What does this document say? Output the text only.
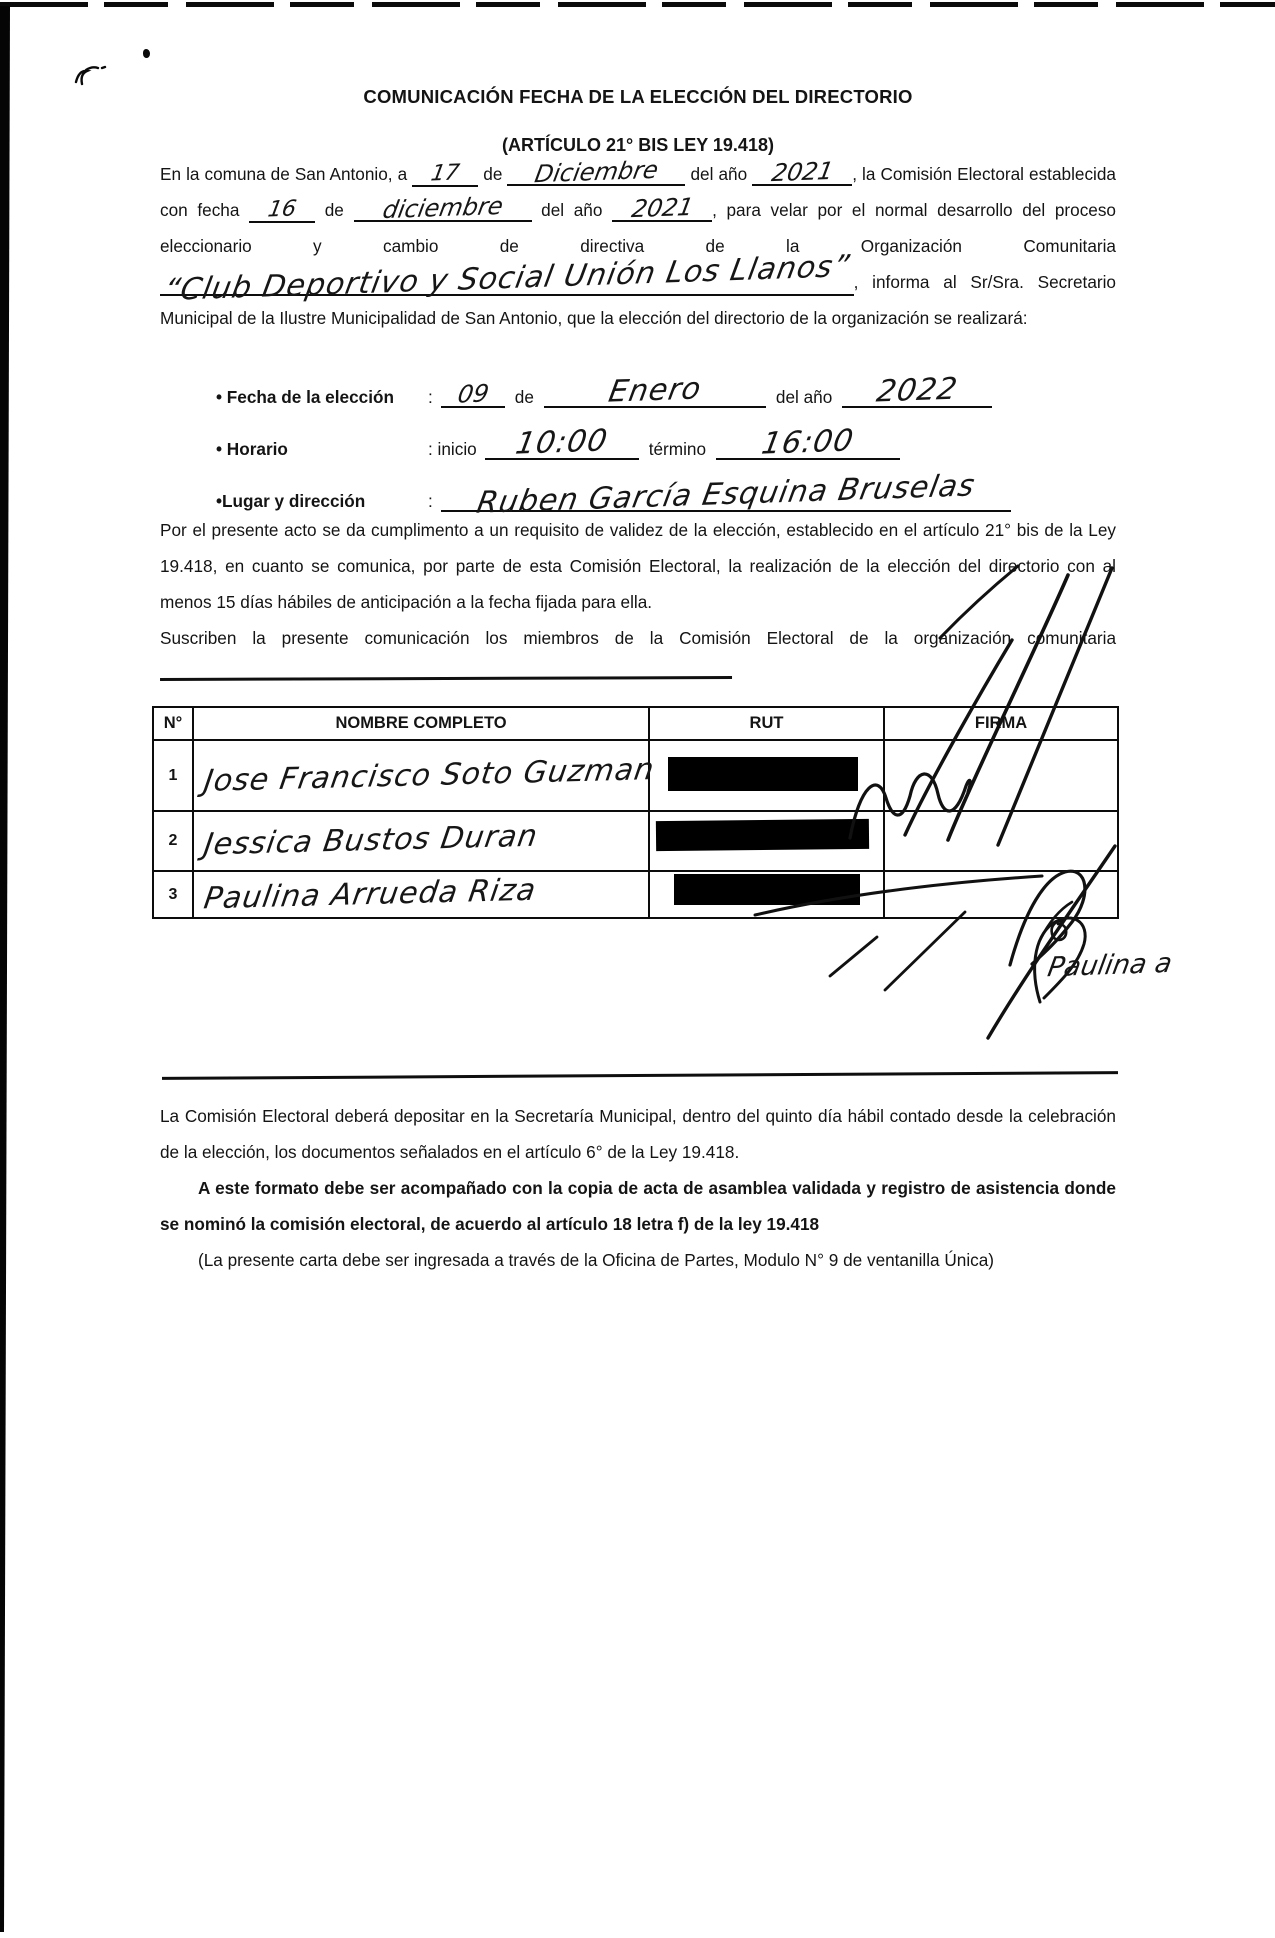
COMUNICACIÓN FECHA DE LA ELECCIÓN DEL DIRECTORIO
(ARTÍCULO 21° BIS LEY 19.418)

En la comuna de San Antonio, a 17 de Diciembre del año 2021 , la Comisión Electoral establecida con fecha 16 de diciembre del año 2021 , para velar por el normal desarrollo del proceso eleccionario y cambio de directiva de la Organización Comunitaria
“Club Deportivo y Social Unión Los Llanos” , informa al Sr/Sra. Secretario Municipal de la Ilustre Municipalidad de San Antonio, que la elección del directorio de la organización se realizará:

• Fecha de la elección	: 09	de	Enero	del año	2022
• Horario	: inicio 10:00	término	16:00
•Lugar y dirección	: Ruben García Esquina Bruselas

Por el presente acto se da cumplimento a un requisito de validez de la elección, establecido en el artículo 21° bis de la Ley 19.418, en cuanto se comunica, por parte de esta Comisión Electoral, la realización de la elección del directorio con al menos 15 días hábiles de anticipación a la fecha fijada para ella.

Suscriben la presente comunicación los miembros de la Comisión Electoral de la organización comunitaria

N°	NOMBRE COMPLETO	RUT	FIRMA
1	Jose Francisco Soto Guzman	

2	Jessica Bustos Duran	

3	Paulina Arrueda Riza	

La Comisión Electoral deberá depositar en la Secretaría Municipal, dentro del quinto día hábil contado desde la celebración de la elección, los documentos señalados en el artículo 6° de la Ley 19.418.

A este formato debe ser acompañado con la copia de acta de asamblea validada y registro de asistencia donde se nominó la comisión electoral, de acuerdo al artículo 18 letra f) de la ley 19.418

(La presente carta debe ser ingresada a través de la Oficina de Partes, Modulo N° 9 de ventanilla Única)

Paulina a
